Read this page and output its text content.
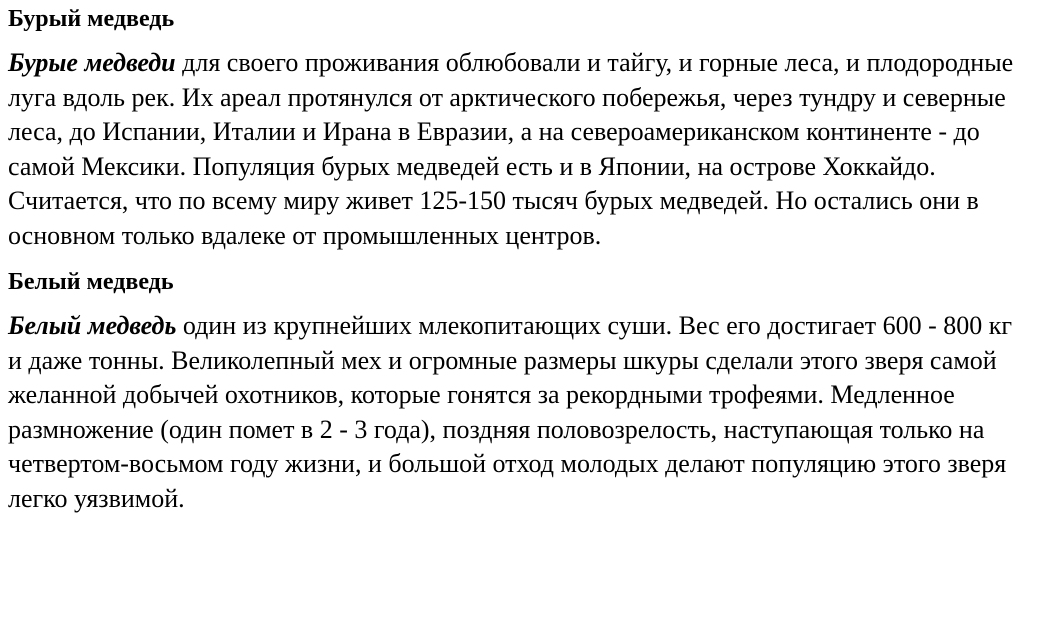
Бурый медведь

Бурые медведи для своего проживания облюбовали и тайгу, и горные леса, и плодородные луга вдоль рек. Их ареал протянулся от арктического побережья, через тундру и северные леса, до Испании, Италии и Ирана в Евразии, а на североамериканском континенте - до самой Мексики. Популяция бурых медведей есть и в Японии, на острове Хоккайдо. Считается, что по всему миру живет 125-150 тысяч бурых медведей. Но остались они в основном только вдалеке от промышленных центров.

Белый медведь

Белый медведь один из крупнейших млекопитающих суши. Вес его достигает 600 - 800 кг и даже тонны. Великолепный мех и огромные размеры шкуры сделали этого зверя самой желанной добычей охотников, которые гонятся за рекордными трофеями. Медленное размножение (один помет в 2 - 3 года), поздняя половозрелость, наступающая только на четвертом-восьмом году жизни, и большой отход молодых делают популяцию этого зверя легко уязвимой.
